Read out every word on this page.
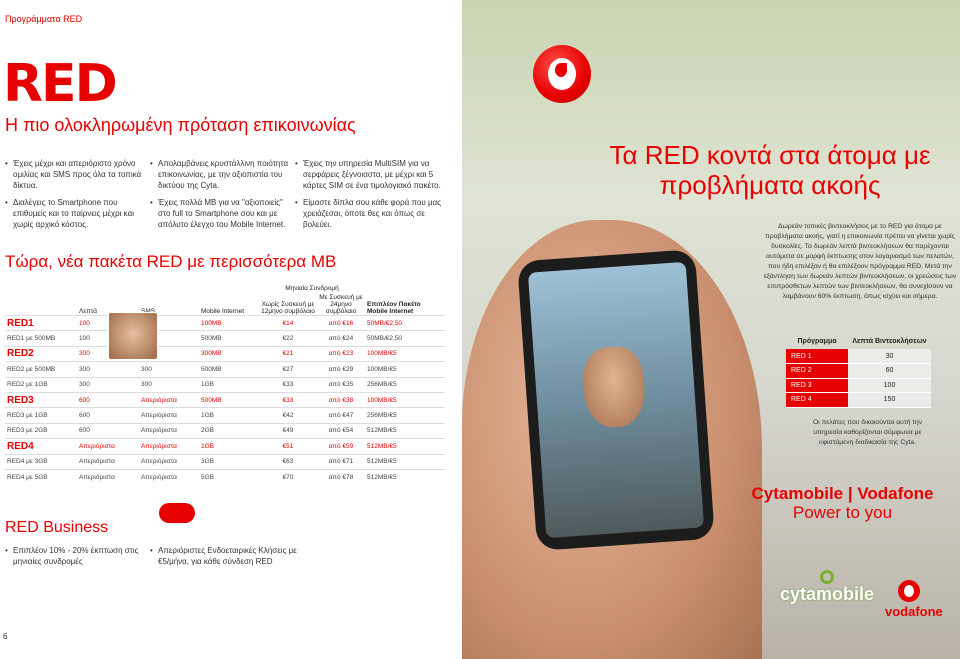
Προγράμματα RED
RED
Η πιο ολοκληρωμένη πρόταση επικοινωνίας
• Έχεις μέχρι και απεριόριστο χρόνο ομιλίας και SMS προς όλα τα τοπικά δίκτυα.
• Διαλέγεις το Smartphone που επιθυμείς και το παίρνεις μέχρι και χωρίς αρχικό κόστος.
• Απολαμβάνεις κρυστάλλινη ποιότητα επικοινωνίας, με την αξιοπιστία του δικτύου της Cyta.
• Έχεις πολλά MB για να "αξιοποιείς" στο full το Smartphone σου και με απόλυτο έλεγχο του Mobile Internet.
• Έχεις την υπηρεσία MultiSIM για να σερφάρεις ξέγνοιαστα, με μέχρι και 5 κάρτες SIM σε ένα τιμολογιακό πακέτο.
• Είμαστε δίπλα σου κάθε φορά που μας χρειάζεσαι, όποτε θες και όπως σε βολεύει.
Τώρα, νέα πακέτα RED με περισσότερα MB
				Μηνιαία Συνδρομή		
	Λεπτά		Mobile Internet	Χωρίς Συσκευή με 12μηνο συμβόλαιο	Με Συσκευή με 24μηνο συμβόλαιο	Επιπλέον Πακέτο Mobile Internet
RED1	100		100MB	€14	από €16	50MB/€2,50
RED1 με 500MB	100		500MB	€22	από €24	50MB/€2,50
RED2	300		300MB	€21	από €23	100MB/€5
RED2 με 500MB	300	300	500MB	€27	από €29	100MB/€5
RED2 με 1GB	300	300	1GB	€33	από €35	256MB/€5
RED3	600	Απεριόριστα	500MB	€33	από €38	100MB/€5
RED3 με 1GB	600	Απεριόριστα	1GB	€42	από €47	256MB/€5
RED3 με 2GB	600	Απεριόριστα	2GB	€49	από €54	512MB/€5
RED4	Απεριόριστα	Απεριόριστα	1GB	€51	από €59	512MB/€5
RED4 με 3GB	Απεριόριστα	Απεριόριστα	3GB	€63	από €71	512MB/€5
RED4 με 5GB	Απεριόριστα	Απεριόριστα	5GB	€70	από €78	512MB/€5
RED Business
• Επιπλέον 10% - 20% έκπτωση στις μηνιαίες συνδρομές
• Απεριόριστες Ενδοεταιρικές Κλήσεις με €5/μήνα, για κάθε σύνδεση RED
6
Τα RED κοντά στα άτομα με προβλήματα ακοής
Δωρεάν τοπικές βιντεοκλήσεις με το RED για άτομα με προβλήματα ακοής, γιατί η επικοινωνία πρέπει να γίνεται χωρίς δυσκολίες. Τα δωρεάν λεπτά βιντεοκλήσεων θα παρέχονται αυτόματα σε μορφή έκπτωσης στον λογαριασμό των πελατών, που ήδη επιλέξαν ή θα επιλέξουν πρόγραμμα RED. Μετά την εξάντληση των δωρεάν λεπτών βιντεοκλήσεων, οι χρεώσεις των επιπρόσθετων λεπτών των βιντεοκλήσεων, θα συνεχίσουν να λαμβάνουν 60% έκπτωση, όπως ισχύει και σήμερα.
Πρόγραμμα	Λεπτά Βιντεοκλήσεων
RED 1	30
RED 2	60
RED 3	100
RED 4	150
Οι πελάτες που δικαιούνται αυτή την υπηρεσία καθορίζονται σύμφωνα με υφιστάμενη διαδικασία της Cyta.
Cytamobile | Vodafone
Power to you
cytamobile
vodafone
